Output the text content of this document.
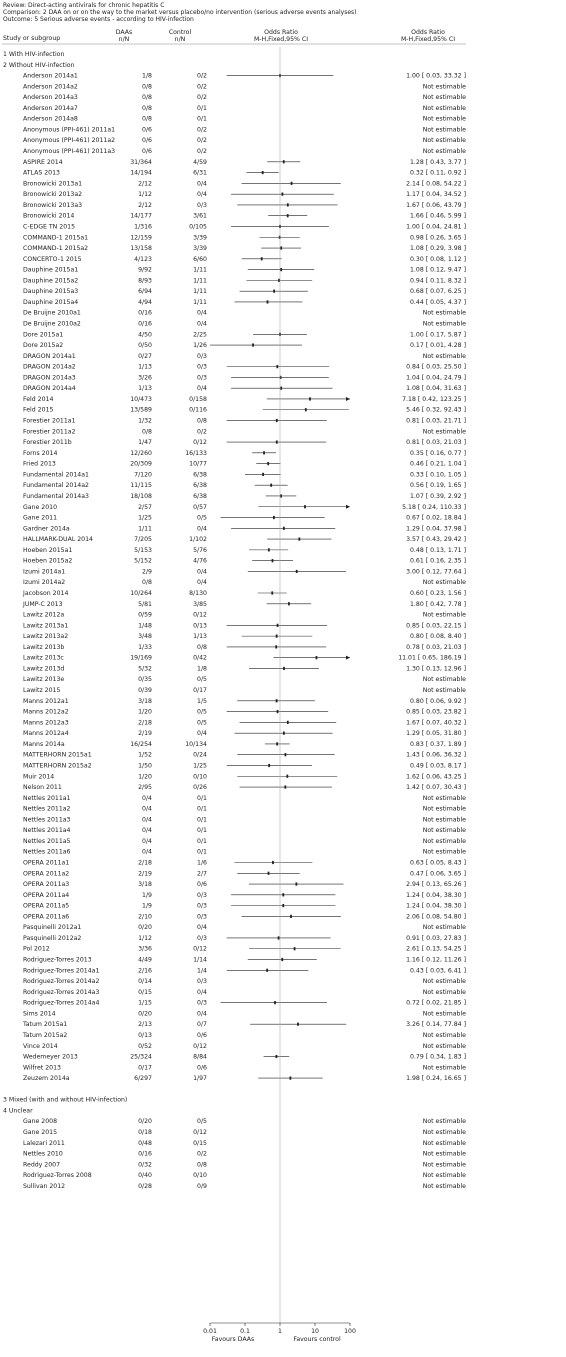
Review: Direct-acting antivirals for chronic hepatitis C
Comparison: 2 DAA on or on the way to the market versus placebo/no intervention (serious adverse events analyses)
Outcome: 5 Serious adverse events - according to HIV-infection
Study or subgroup
DAAs
n/N
Control
n/N
Odds Ratio
M-H,Fixed,95% CI
Odds Ratio
M-H,Fixed,95% CI
1 With HIV-infection
2 Without HIV-infection
Anderson 2014a1	1/8	0/2	1.00 [ 0.03, 33.32 ]
Anderson 2014a2	0/8	0/2	Not estimable
Anderson 2014a3	0/8	0/2	Not estimable
Anderson 2014a7	0/8	0/1	Not estimable
Anderson 2014a8	0/8	0/1	Not estimable
Anonymous (PPI-461) 2011a1	0/6	0/2	Not estimable
Anonymous (PPI-461) 2011a2	0/6	0/2	Not estimable
Anonymous (PPI-461) 2011a3	0/6	0/2	Not estimable
ASPIRE 2014	31/364	4/59	1.28 [ 0.43, 3.77 ]
ATLAS 2013	14/194	6/31	0.32 [ 0.11, 0.92 ]
Bronowicki 2013a1	2/12	0/4	2.14 [ 0.08, 54.22 ]
Bronowicki 2013a2	1/12	0/4	1.17 [ 0.04, 34.52 ]
Bronowicki 2013a3	2/12	0/3	1.67 [ 0.06, 43.79 ]
Bronowicki 2014	14/177	3/61	1.66 [ 0.46, 5.99 ]
C-EDGE TN 2015	1/316	0/105	1.00 [ 0.04, 24.81 ]
COMMAND-1 2015a1	12/159	3/39	0.98 [ 0.26, 3.65 ]
COMMAND-1 2015a2	13/158	3/39	1.08 [ 0.29, 3.98 ]
CONCERTO-1 2015	4/123	6/60	0.30 [ 0.08, 1.12 ]
Dauphine 2015a1	9/92	1/11	1.08 [ 0.12, 9.47 ]
Dauphine 2015a2	8/93	1/11	0.94 [ 0.11, 8.32 ]
Dauphine 2015a3	6/94	1/11	0.68 [ 0.07, 6.25 ]
Dauphine 2015a4	4/94	1/11	0.44 [ 0.05, 4.37 ]
De Bruijne 2010a1	0/16	0/4	Not estimable
De Bruijne 2010a2	0/16	0/4	Not estimable
Dore 2015a1	4/50	2/25	1.00 [ 0.17, 5.87 ]
Dore 2015a2	0/50	1/26	0.17 [ 0.01, 4.28 ]
DRAGON 2014a1	0/27	0/3	Not estimable
DRAGON 2014a2	1/13	0/3	0.84 [ 0.03, 25.50 ]
DRAGON 2014a3	3/26	0/3	1.04 [ 0.04, 24.79 ]
DRAGON 2014a4	1/13	0/4	1.08 [ 0.04, 31.63 ]
Feld 2014	10/473	0/158	7.18 [ 0.42, 123.25 ]
Feld 2015	13/589	0/116	5.46 [ 0.32, 92.43 ]
Forestier 2011a1	1/32	0/8	0.81 [ 0.03, 21.71 ]
Forestier 2011a2	0/8	0/2	Not estimable
Forestier 2011b	1/47	0/12	0.81 [ 0.03, 21.03 ]
Forns 2014	12/260	16/133	0.35 [ 0.16, 0.77 ]
Fried 2013	20/309	10/77	0.46 [ 0.21, 1.04 ]
Fundamental 2014a1	7/120	6/38	0.33 [ 0.10, 1.05 ]
Fundamental 2014a2	11/115	6/38	0.56 [ 0.19, 1.65 ]
Fundamental 2014a3	18/108	6/38	1.07 [ 0.39, 2.92 ]
Gane 2010	2/57	0/57	5.18 [ 0.24, 110.33 ]
Gane 2011	1/25	0/5	0.67 [ 0.02, 18.84 ]
Gardner 2014a	1/11	0/4	1.29 [ 0.04, 37.98 ]
HALLMARK-DUAL 2014	7/205	1/102	3.57 [ 0.43, 29.42 ]
Hoeben 2015a1	5/153	5/76	0.48 [ 0.13, 1.71 ]
Hoeben 2015a2	5/152	4/76	0.61 [ 0.16, 2.35 ]
Izumi 2014a1	2/9	0/4	3.00 [ 0.12, 77.64 ]
Izumi 2014a2	0/8	0/4	Not estimable
Jacobson 2014	10/264	8/130	0.60 [ 0.23, 1.56 ]
JUMP-C 2013	5/81	3/85	1.80 [ 0.42, 7.78 ]
Lawitz 2012a	0/59	0/12	Not estimable
Lawitz 2013a1	1/48	0/13	0.85 [ 0.03, 22.15 ]
Lawitz 2013a2	3/48	1/13	0.80 [ 0.08, 8.40 ]
Lawitz 2013b	1/33	0/8	0.78 [ 0.03, 21.03 ]
Lawitz 2013c	19/169	0/42	11.01 [ 0.65, 186.19 ]
Lawitz 2013d	5/32	1/8	1.30 [ 0.13, 12.96 ]
Lawitz 2013e	0/35	0/5	Not estimable
Lawitz 2015	0/39	0/17	Not estimable
Manns 2012a1	3/18	1/5	0.80 [ 0.06, 9.92 ]
Manns 2012a2	1/20	0/5	0.85 [ 0.03, 23.82 ]
Manns 2012a3	2/18	0/5	1.67 [ 0.07, 40.32 ]
Manns 2012a4	2/19	0/4	1.29 [ 0.05, 31.80 ]
Manns 2014a	16/254	10/134	0.83 [ 0.37, 1.89 ]
MATTERHORN 2015a1	1/52	0/24	1.43 [ 0.06, 36.32 ]
MATTERHORN 2015a2	1/50	1/25	0.49 [ 0.03, 8.17 ]
Muir 2014	1/20	0/10	1.62 [ 0.06, 43.25 ]
Nelson 2011	2/95	0/26	1.42 [ 0.07, 30.43 ]
Nettles 2011a1	0/4	0/1	Not estimable
Nettles 2011a2	0/4	0/1	Not estimable
Nettles 2011a3	0/4	0/1	Not estimable
Nettles 2011a4	0/4	0/1	Not estimable
Nettles 2011a5	0/4	0/1	Not estimable
Nettles 2011a6	0/4	0/1	Not estimable
OPERA 2011a1	2/18	1/6	0.63 [ 0.05, 8.43 ]
OPERA 2011a2	2/19	2/7	0.47 [ 0.06, 3.65 ]
OPERA 2011a3	3/18	0/6	2.94 [ 0.13, 65.26 ]
OPERA 2011a4	1/9	0/3	1.24 [ 0.04, 38.30 ]
OPERA 2011a5	1/9	0/3	1.24 [ 0.04, 38.30 ]
OPERA 2011a6	2/10	0/3	2.06 [ 0.08, 54.80 ]
Pasquinelli 2012a1	0/20	0/4	Not estimable
Pasquinelli 2012a2	1/12	0/3	0.91 [ 0.03, 27.83 ]
Pol 2012	3/36	0/12	2.61 [ 0.13, 54.25 ]
Rodriguez-Torres 2013	4/49	1/14	1.16 [ 0.12, 11.26 ]
Rodriguez-Torres 2014a1	2/16	1/4	0.43 [ 0.03, 6.41 ]
Rodriguez-Torres 2014a2	0/14	0/3	Not estimable
Rodriguez-Torres 2014a3	0/15	0/4	Not estimable
Rodriguez-Torres 2014a4	1/15	0/3	0.72 [ 0.02, 21.85 ]
Sims 2014	0/20	0/4	Not estimable
Tatum 2015a1	2/13	0/7	3.26 [ 0.14, 77.84 ]
Tatum 2015a2	0/13	0/6	Not estimable
Vince 2014	0/52	0/12	Not estimable
Wedemeyer 2013	25/324	8/84	0.79 [ 0.34, 1.83 ]
Wilfret 2013	0/17	0/6	Not estimable
Zeuzem 2014a	6/297	1/97	1.98 [ 0.24, 16.65 ]
3 Mixed (with and without HIV-infection)
4 Unclear
Gane 2008	0/20	0/5	Not estimable
Gane 2015	0/18	0/12	Not estimable
Lalezari 2011	0/48	0/15	Not estimable
Nettles 2010	0/16	0/2	Not estimable
Reddy 2007	0/32	0/8	Not estimable
Rodriguez-Torres 2008	0/40	0/10	Not estimable
Sullivan 2012	0/28	0/9	Not estimable
0.01	0.1	1	10	100
Favours DAAs	Favours control
